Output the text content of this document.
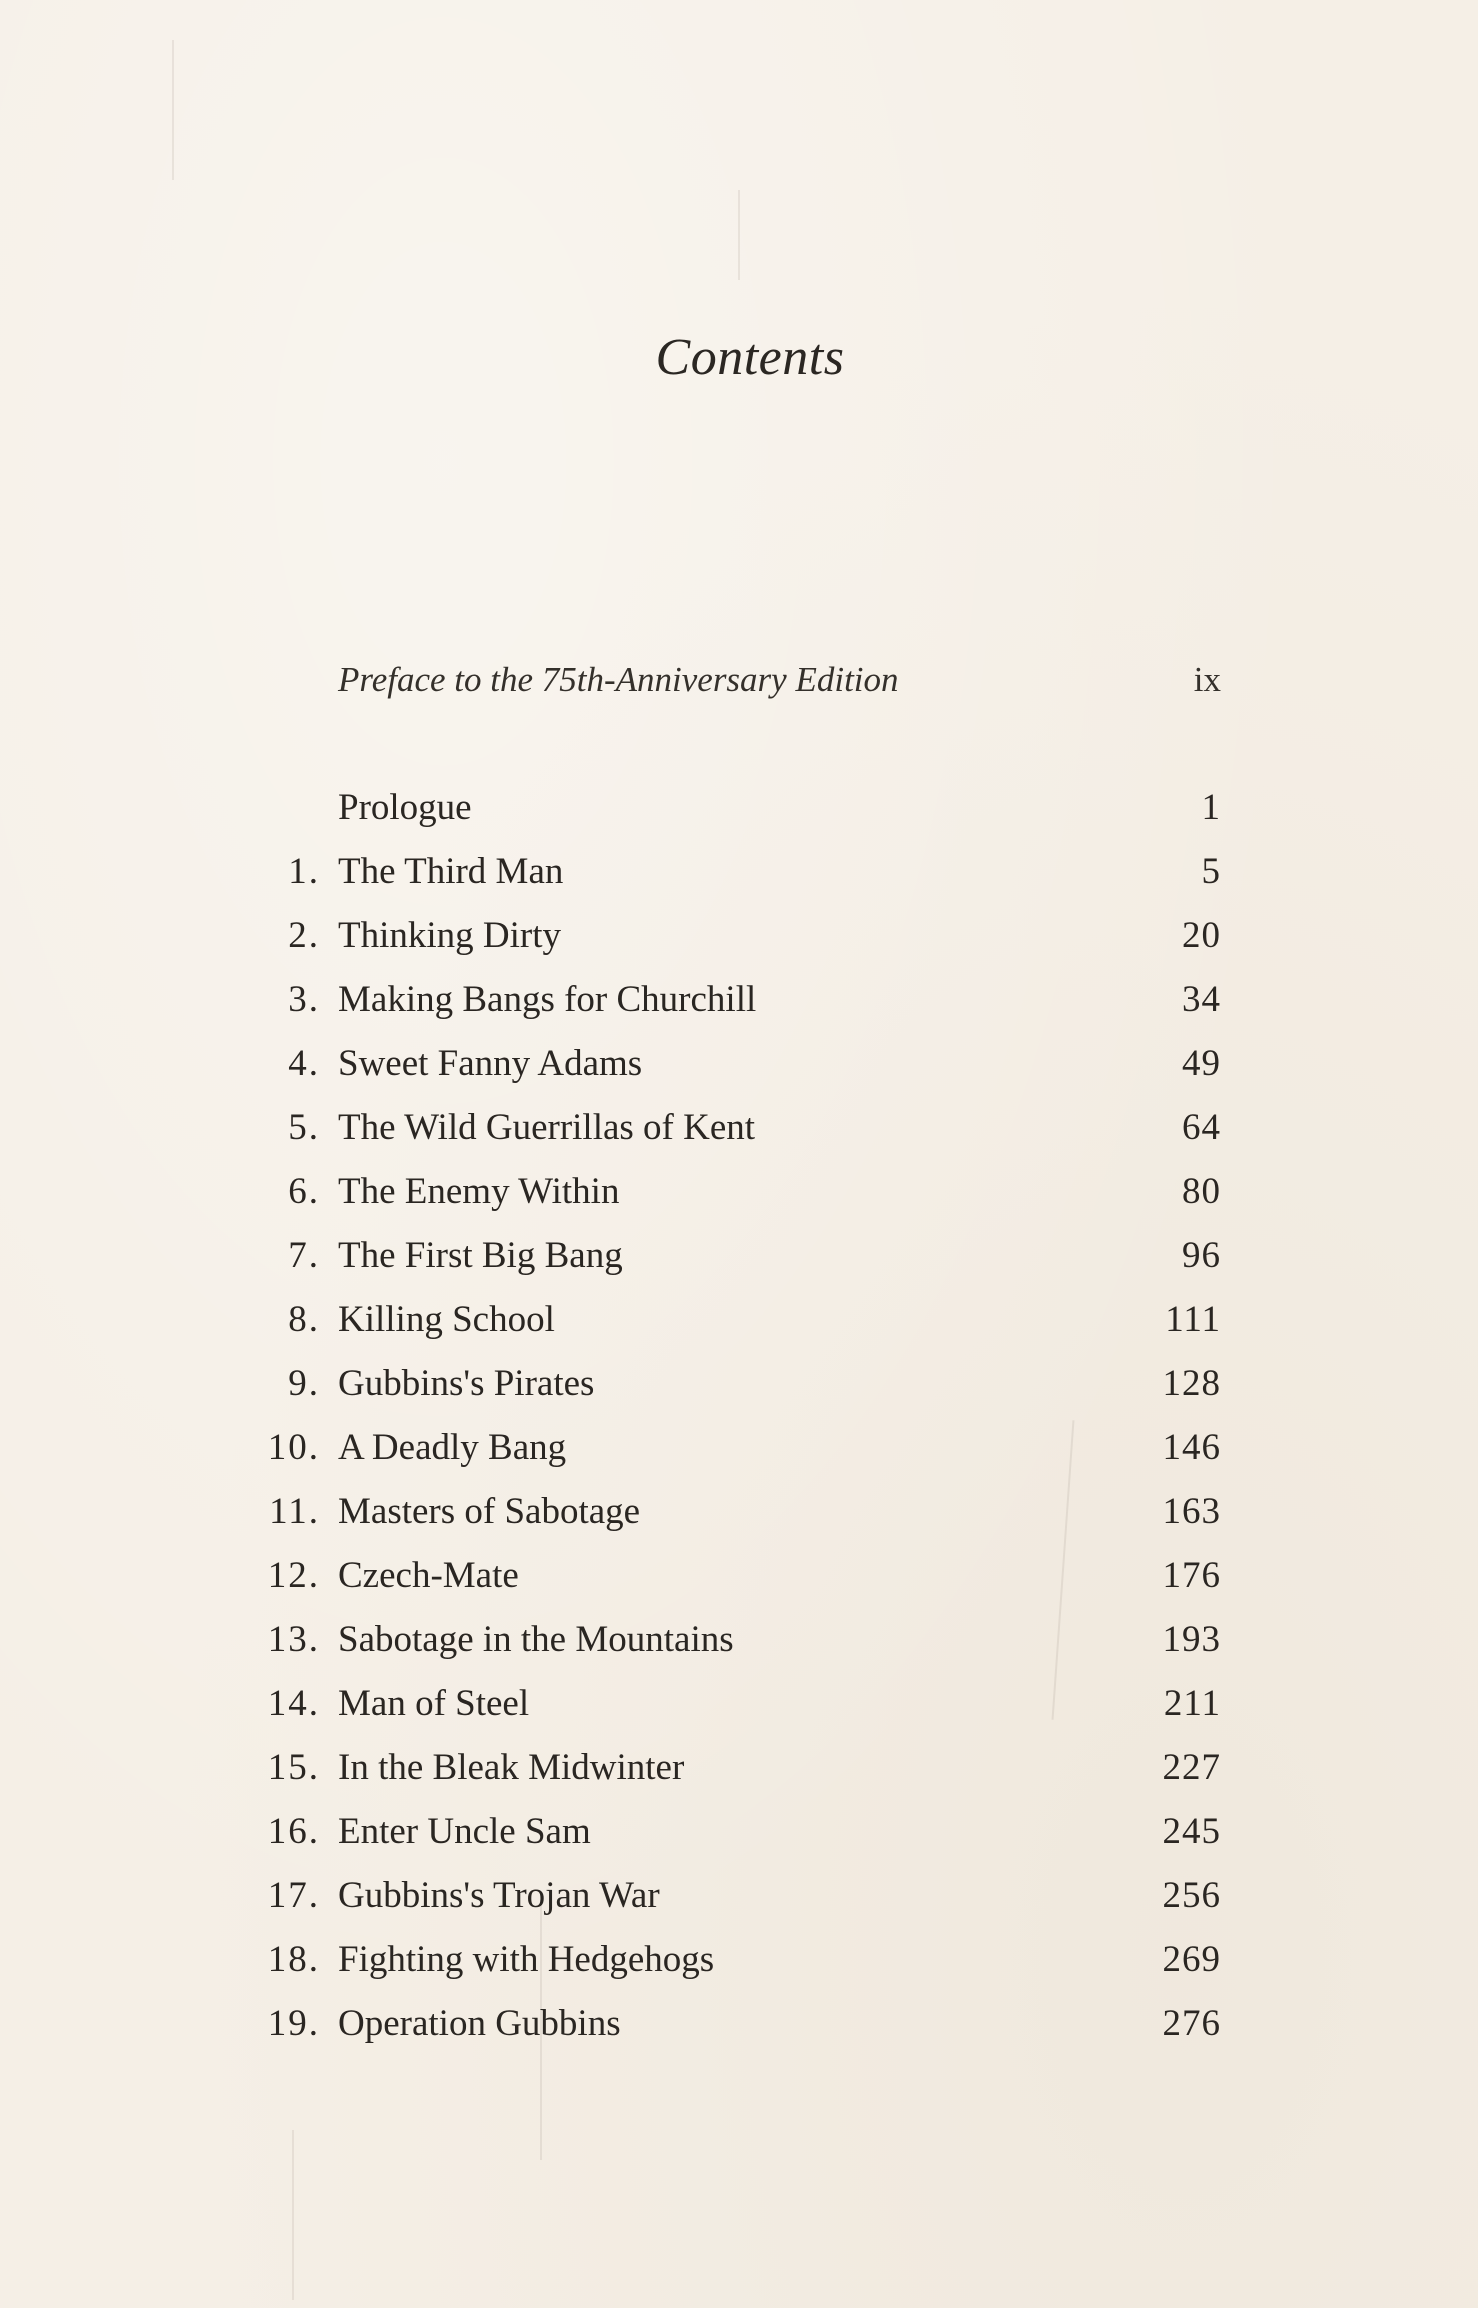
Contents
Preface to the 75th-Anniversary Edition	ix
Prologue	1
1. The Third Man	5
2. Thinking Dirty	20
3. Making Bangs for Churchill	34
4. Sweet Fanny Adams	49
5. The Wild Guerrillas of Kent	64
6. The Enemy Within	80
7. The First Big Bang	96
8. Killing School	111
9. Gubbins's Pirates	128
10. A Deadly Bang	146
11. Masters of Sabotage	163
12. Czech-Mate	176
13. Sabotage in the Mountains	193
14. Man of Steel	211
15. In the Bleak Midwinter	227
16. Enter Uncle Sam	245
17. Gubbins's Trojan War	256
18. Fighting with Hedgehogs	269
19. Operation Gubbins	276
